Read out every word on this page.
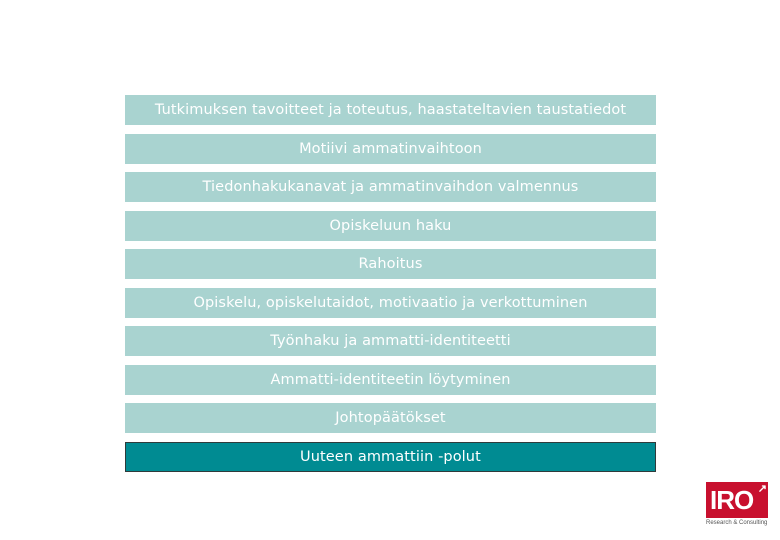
Tutkimuksen tavoitteet ja toteutus, haastateltavien taustatiedot
Motiivi ammatinvaihtoon
Tiedonhakukanavat ja ammatinvaihdon valmennus
Opiskeluun haku
Rahoitus
Opiskelu, opiskelutaidot, motivaatio ja verkottuminen
Työnhaku ja ammatti-identiteetti
Ammatti-identiteetin löytyminen
Johtopäätökset
Uuteen ammattiin -polut
IRO ↗
Research & Consulting
